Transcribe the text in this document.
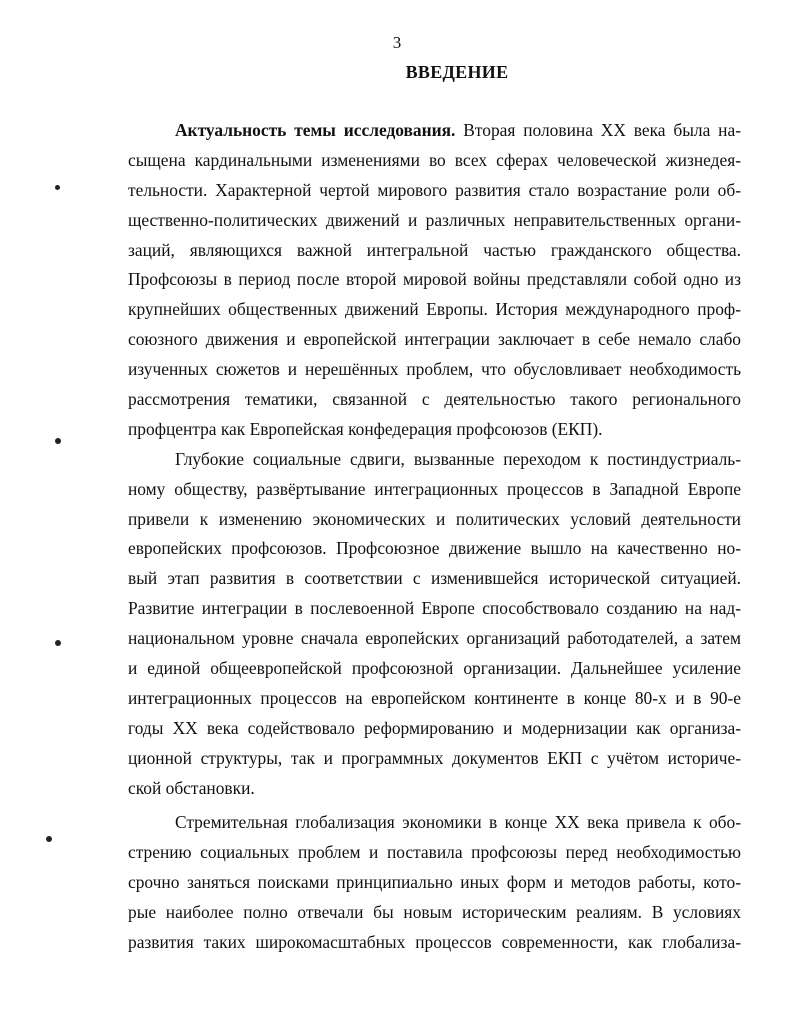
3
ВВЕДЕНИЕ
Актуальность темы исследования. Вторая половина XX века была на-
сыщена кардинальными изменениями во всех сферах человеческой жизнедея-
тельности. Характерной чертой мирового развития стало возрастание роли об-
щественно-политических движений и различных неправительственных органи-
заций, являющихся важной интегральной частью гражданского общества.
Профсоюзы в период после второй мировой войны представляли собой одно из
крупнейших общественных движений Европы. История международного проф-
союзного движения и европейской интеграции заключает в себе немало слабо
изученных сюжетов и нерешённых проблем, что обусловливает необходимость
рассмотрения тематики, связанной с деятельностью такого регионального
профцентра как Европейская конфедерация профсоюзов (ЕКП).
Глубокие социальные сдвиги, вызванные переходом к постиндустриаль-
ному обществу, развёртывание интеграционных процессов в Западной Европе
привели к изменению экономических и политических условий деятельности
европейских профсоюзов. Профсоюзное движение вышло на качественно но-
вый этап развития в соответствии с изменившейся исторической ситуацией.
Развитие интеграции в послевоенной Европе способствовало созданию на над-
национальном уровне сначала европейских организаций работодателей, а затем
и единой общеевропейской профсоюзной организации. Дальнейшее усиление
интеграционных процессов на европейском континенте в конце 80-х и в 90-е
годы XX века содействовало реформированию и модернизации как организа-
ционной структуры, так и программных документов ЕКП с учётом историче-
ской обстановки.
Стремительная глобализация экономики в конце XX века привела к обо-
стрению социальных проблем и поставила профсоюзы перед необходимостью
срочно заняться поисками принципиально иных форм и методов работы, кото-
рые наиболее полно отвечали бы новым историческим реалиям. В условиях
развития таких широкомасштабных процессов современности, как глобализа-
